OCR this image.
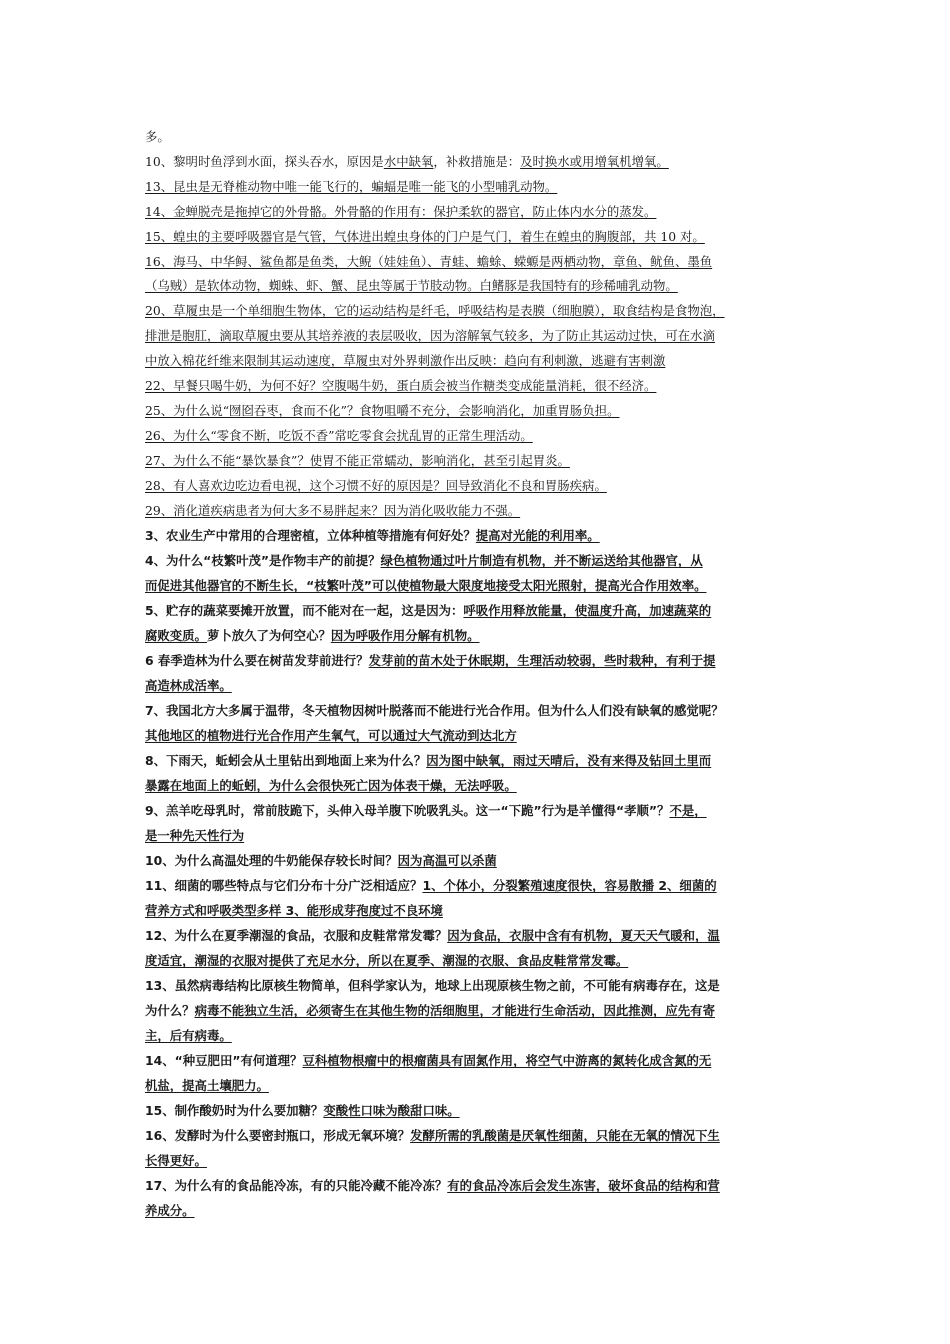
多。
10、黎明时鱼浮到水面，探头吞水，原因是水中缺氧，补救措施是：及时换水或用增氧机增氧。
13、昆虫是无脊椎动物中唯一能飞行的，蝙蝠是唯一能飞的小型哺乳动物。
14、金蝉脱壳是拖掉它的外骨骼。外骨骼的作用有：保护柔软的器官，防止体内水分的蒸发。
15、蝗虫的主要呼吸器官是气管，气体进出蝗虫身体的门户是气门，着生在蝗虫的胸腹部，共 10 对。
16、海马、中华鲟、鲨鱼都是鱼类，大鲵（娃娃鱼）、青蛙、蟾蜍、蝾螈是两栖动物，章鱼、鱿鱼、墨鱼
（乌贼）是软体动物，蜘蛛、虾、蟹、昆虫等属于节肢动物。白鳍豚是我国特有的珍稀哺乳动物。
20、草履虫是一个单细胞生物体，它的运动结构是纤毛，呼吸结构是表膜（细胞膜），取食结构是食物泡，
排泄是胞肛，滴取草履虫要从其培养液的表层吸收，因为溶解氧气较多，为了防止其运动过快，可在水滴
中放入棉花纤维来限制其运动速度，草履虫对外界刺激作出反映：趋向有利刺激，逃避有害刺激
22、早餐只喝牛奶，为何不好？空腹喝牛奶，蛋白质会被当作糖类变成能量消耗，很不经济。
25、为什么说“囫囵吞枣，食而不化”？食物咀嚼不充分，会影响消化，加重胃肠负担。
26、为什么“零食不断，吃饭不香”常吃零食会扰乱胃的正常生理活动。
27、为什么不能“暴饮暴食”？使胃不能正常蠕动，影响消化，甚至引起胃炎。
28、有人喜欢边吃边看电视，这个习惯不好的原因是？回导致消化不良和胃肠疾病。
29、消化道疾病患者为何大多不易胖起来？因为消化吸收能力不强。
3、农业生产中常用的合理密植，立体种植等措施有何好处？提高对光能的利用率。
4、为什么“枝繁叶茂”是作物丰产的前提？绿色植物通过叶片制造有机物，并不断运送给其他器官，从
而促进其他器官的不断生长，“枝繁叶茂”可以使植物最大限度地接受太阳光照射，提高光合作用效率。
5、贮存的蔬菜要摊开放置，而不能对在一起，这是因为：呼吸作用释放能量，使温度升高，加速蔬菜的
腐败变质。萝卜放久了为何空心？因为呼吸作用分解有机物。
6 春季造林为什么要在树苗发芽前进行？发芽前的苗木处于休眠期，生理活动较弱，些时栽种，有利于提
高造林成活率。
7、我国北方大多属于温带，冬天植物因树叶脱落而不能进行光合作用。但为什么人们没有缺氧的感觉呢？
其他地区的植物进行光合作用产生氧气，可以通过大气流动到达北方
8、下雨天，蚯蚓会从土里钻出到地面上来为什么？因为图中缺氧，雨过天晴后，没有来得及钻回土里而
暴露在地面上的蚯蚓，为什么会很快死亡因为体表干燥，无法呼吸。
9、羔羊吃母乳时，常前肢跪下，头伸入母羊腹下吮吸乳头。这一“下跪”行为是羊懂得“孝顺”？不是，
是一种先天性行为
10、为什么高温处理的牛奶能保存较长时间？因为高温可以杀菌
11、细菌的哪些特点与它们分布十分广泛相适应？1、个体小，分裂繁殖速度很快，容易散播 2、细菌的
营养方式和呼吸类型多样 3、能形成芽孢度过不良环境
12、为什么在夏季潮湿的食品，衣服和皮鞋常常发霉？因为食品，衣服中含有有机物，夏天天气暖和，温
度适宜，潮湿的衣服对提供了充足水分，所以在夏季、潮湿的衣服、食品皮鞋常常发霉。
13、虽然病毒结构比原核生物简单，但科学家认为，地球上出现原核生物之前，不可能有病毒存在，这是
为什么？病毒不能独立生活，必须寄生在其他生物的活细胞里，才能进行生命活动，因此推测，应先有寄
主，后有病毒。
14、“种豆肥田”有何道理？豆科植物根瘤中的根瘤菌具有固氮作用，将空气中游离的氮转化成含氮的无
机盐，提高土壤肥力。
15、制作酸奶时为什么要加糖？变酸性口味为酸甜口味。
16、发酵时为什么要密封瓶口，形成无氧环境？发酵所需的乳酸菌是厌氧性细菌，只能在无氧的情况下生
长得更好。
17、为什么有的食品能冷冻，有的只能冷藏不能冷冻？有的食品冷冻后会发生冻害，破坏食品的结构和营
养成分。
